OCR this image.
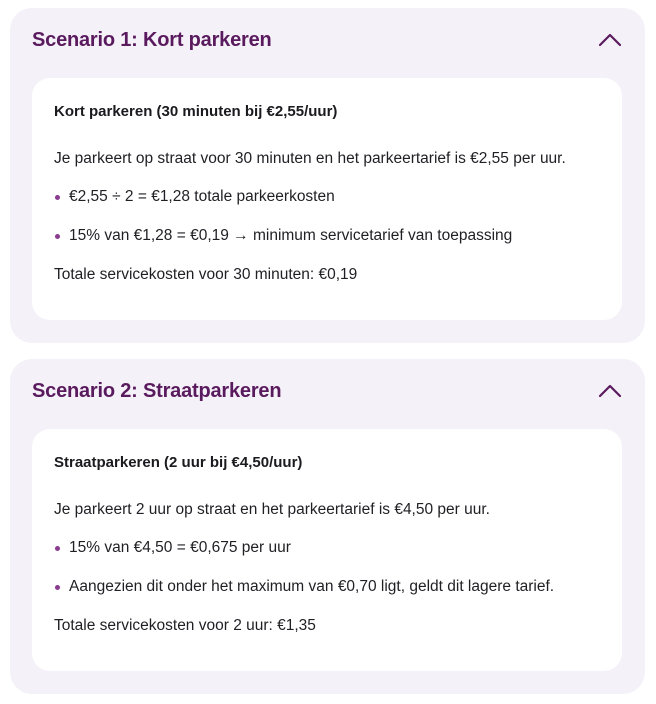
Scenario 1: Kort parkeren

Kort parkeren (30 minuten bij €2,55/uur)

Je parkeert op straat voor 30 minuten en het parkeertarief is €2,55 per uur.

€2,55 ÷ 2 = €1,28 totale parkeerkosten
15% van €1,28 = €0,19 → minimum servicetarief van toepassing

Totale servicekosten voor 30 minuten: €0,19

Scenario 2: Straatparkeren

Straatparkeren (2 uur bij €4,50/uur)

Je parkeert 2 uur op straat en het parkeertarief is €4,50 per uur.

15% van €4,50 = €0,675 per uur
Aangezien dit onder het maximum van €0,70 ligt, geldt dit lagere tarief.

Totale servicekosten voor 2 uur: €1,35
